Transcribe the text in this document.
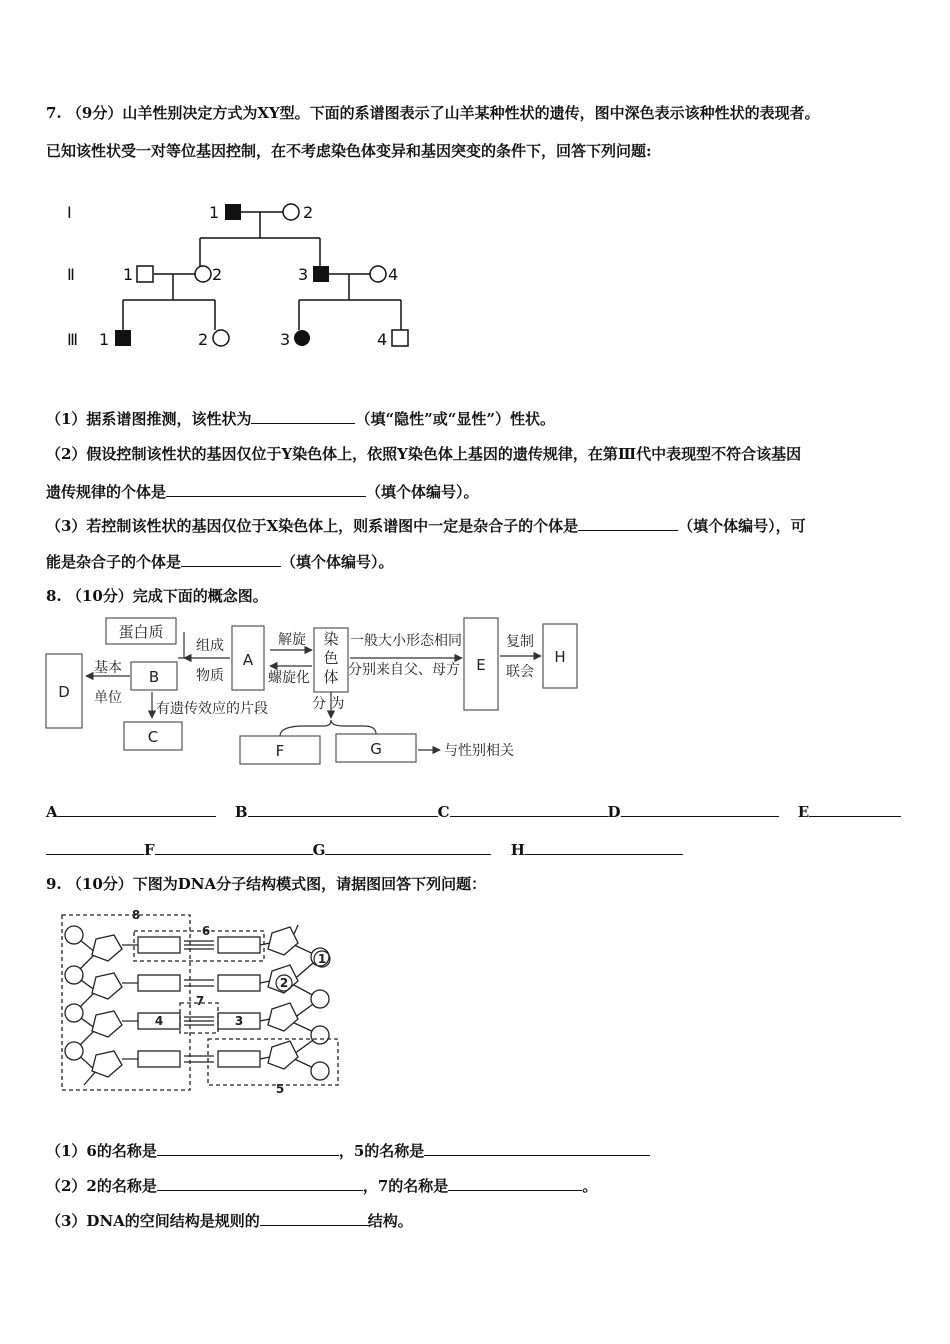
7. （9分）山羊性别决定方式为XY型。下面的系谱图表示了山羊某种性状的遗传，图中深色表示该种性状的表现者。
已知该性状受一对等位基因控制，在不考虑染色体变异和基因突变的条件下，回答下列问题:
Ⅰ
Ⅱ
Ⅲ
1	2
1	2	3	4
1	2	3	4
（1）据系谱图推测，该性状为	（填“隐性”或“显性”）性状。
（2）假设控制该性状的基因仅位于Y染色体上，依照Y染色体上基因的遗传规律，在第Ⅲ代中表现型不符合该基因
遗传规律的个体是	（填个体编号）。
（3）若控制该性状的基因仅位于X染色体上，则系谱图中一定是杂合子的个体是	（填个体编号），可
能是杂合子的个体是	（填个体编号）。
8. （10分）完成下面的概念图。
蛋白质
D
B
A
染
色
体
E	H
C
F	G
组成
物质
解旋
螺旋化
基本
单位
有遗传效应的片段
一般大小形态相同
分别来自父、母方
复制
联会
分 为
与性别相关
A	B	C	D	E
F	G	H
9. （10分）下图为DNA分子结构模式图，请据图回答下列问题：
8
6
1
2
7
4	3
5
（1）6的名称是	，5的名称是
（2）2的名称是	，7的名称是	。
（3）DNA的空间结构是规则的	结构。
